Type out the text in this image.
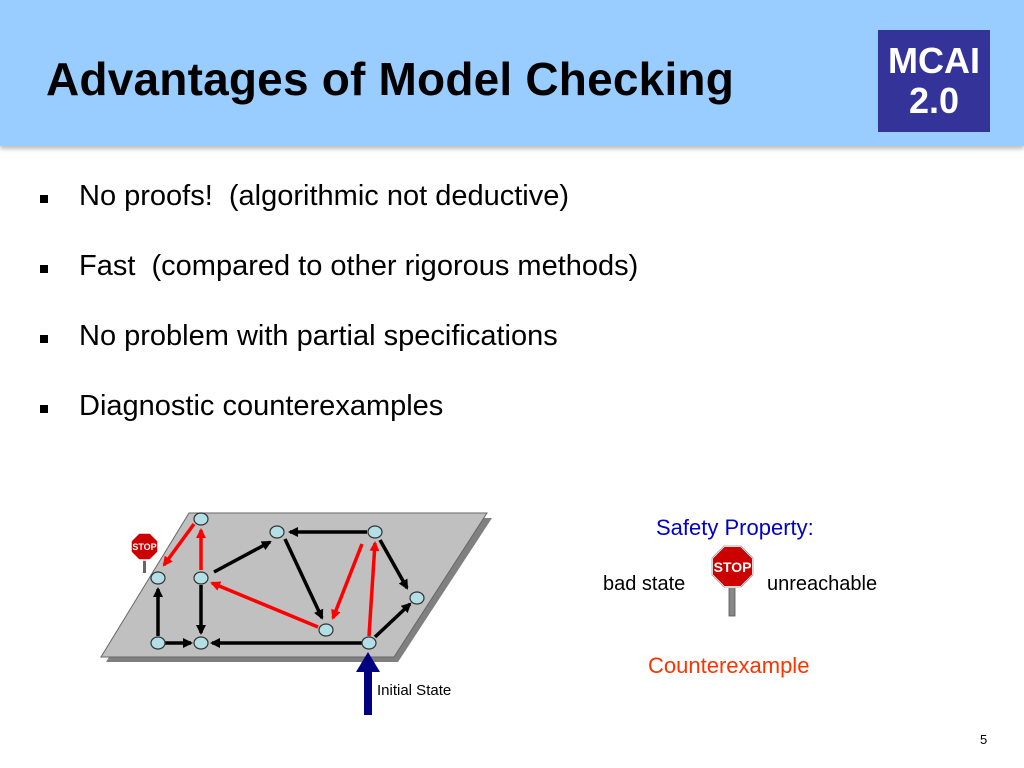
Advantages of Model Checking	MCAI
2.0
No proofs!  (algorithmic not deductive)
Fast  (compared to other rigorous methods)
No problem with partial specifications
Diagnostic counterexamples
STOP
STOP
Initial State
Safety Property:
bad state	unreachable
Counterexample
5
